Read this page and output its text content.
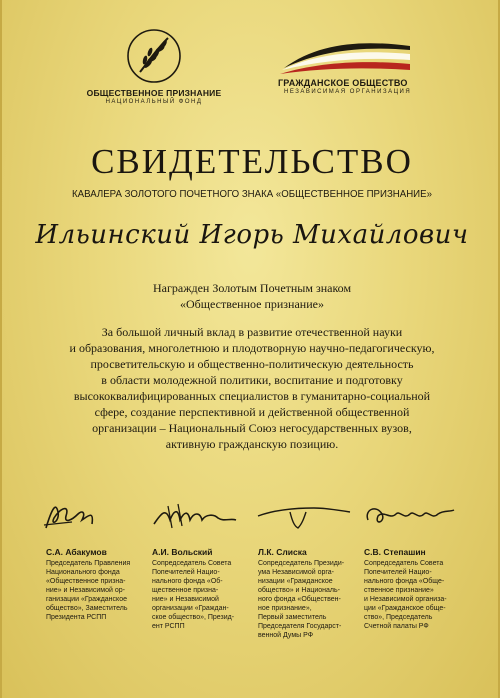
ОБЩЕСТВЕННОЕ ПРИЗНАНИЕ
НАЦИОНАЛЬНЫЙ ФОНД
ГРАЖДАНСКОЕ ОБЩЕСТВО
НЕЗАВИСИМАЯ ОРГАНИЗАЦИЯ
СВИДЕТЕЛЬСТВО
КАВАЛЕРА ЗОЛОТОГО ПОЧЕТНОГО ЗНАКА «ОБЩЕСТВЕННОЕ ПРИЗНАНИЕ»
Ильинский Игорь Михайлович
Награжден Золотым Почетным знаком
«Общественное признание»
За большой личный вклад в развитие отечественной науки
и образования, многолетнюю и плодотворную научно-педагогическую,
просветительскую и общественно-политическую деятельность
в области молодежной политики, воспитание и подготовку
высококвалифицированных специалистов в гуманитарно-социальной
сфере, создание перспективной и действенной общественной
организации – Национальный Союз негосударственных вузов,
активную гражданскую позицию.
С.А. Абакумов
Председатель Правления
Национального фонда
«Общественное призна-
ние» и Независимой ор-
ганизации «Гражданское
общество», Заместитель
Президента РСПП
А.И. Вольский
Сопредседатель Совета
Попечителей Нацио-
нального фонда «Об-
щественное призна-
ние» и Независимой
организации «Граждан-
ское общество», Презид-
ент РСПП
Л.К. Слиска
Сопредседатель Президи-
ума Независимой орга-
низации «Гражданское
общество» и Националь-
ного фонда «Обществен-
ное признание»,
Первый заместитель
Председателя Государст-
венной Думы РФ
С.В. Степашин
Сопредседатель Совета
Попечителей Нацио-
нального фонда «Обще-
ственное признание»
и Независимой организа-
ции «Гражданское обще-
ство», Председатель
Счетной палаты РФ
